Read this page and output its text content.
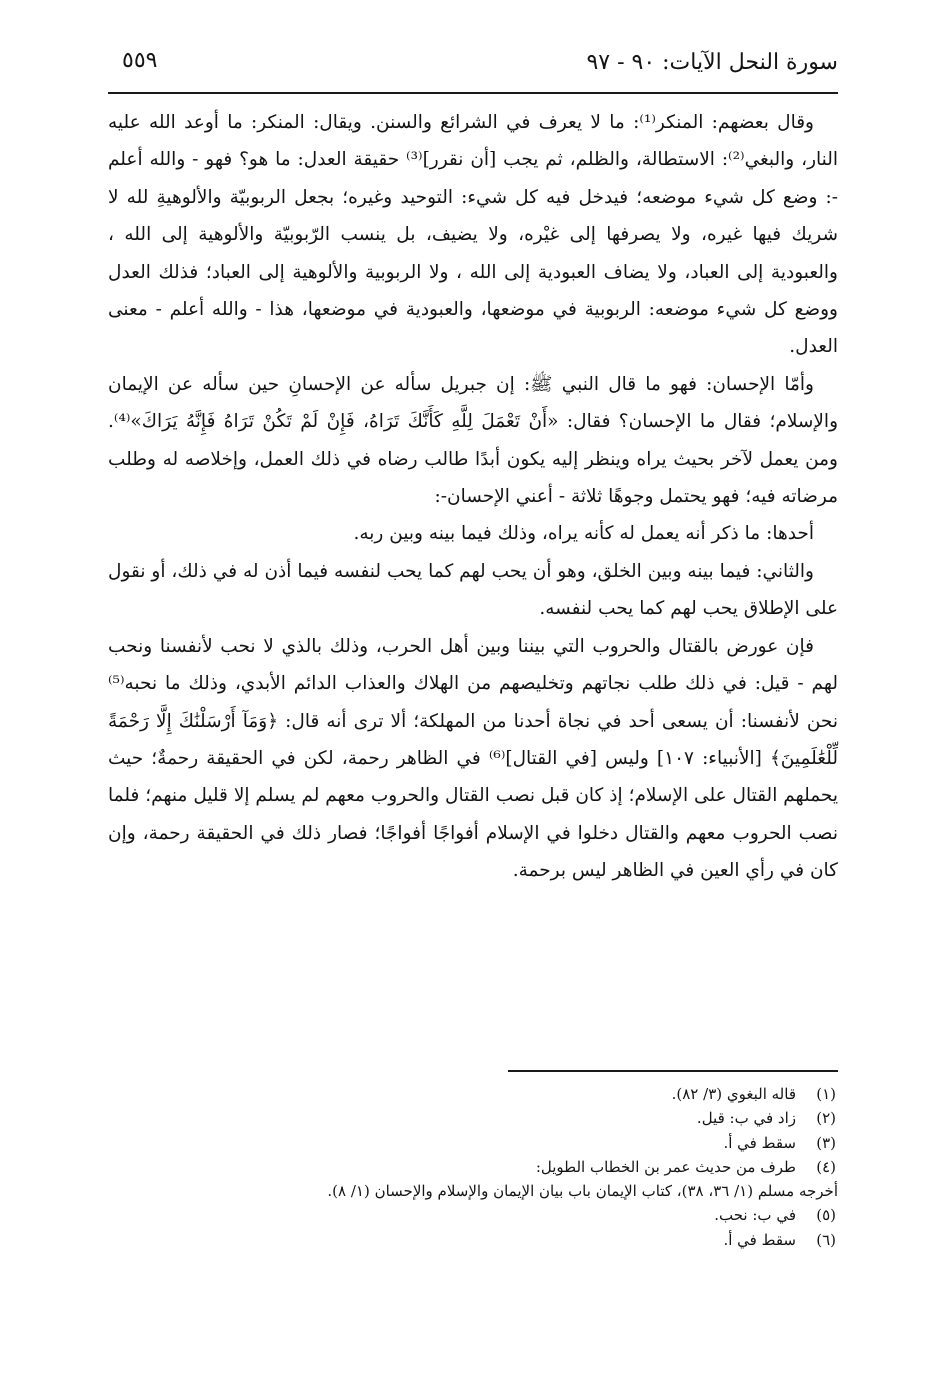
سورة النحل الآيات: ٩٠ - ٩٧
٥٥٩

وقال بعضهم: المنكر⁽¹⁾: ما لا يعرف في الشرائع والسنن. ويقال: المنكر: ما أوعد الله عليه النار، والبغي⁽²⁾: الاستطالة، والظلم، ثم يجب [أن نقرر]⁽³⁾ حقيقة العدل: ما هو؟ فهو - والله أعلم -: وضع كل شيء موضعه؛ فيدخل فيه كل شيء: التوحيد وغيره؛ بجعل الربوبيّة والألوهيةِ لله لا شريك فيها غيره، ولا يصرفها إلى غيْره، ولا يضيف، بل ينسب الرّبوبيّة والألوهية إلى الله ، والعبودية إلى العباد، ولا يضاف العبودية إلى الله ، ولا الربوبية والألوهية إلى العباد؛ فذلك العدل ووضع كل شيء موضعه: الربوبية في موضعها، والعبودية في موضعها، هذا - والله أعلم - معنى العدل.

وأمّا الإحسان: فهو ما قال النبي ﷺ: إن جبريل سأله عن الإحسانِ حين سأله عن الإيمان والإسلام؛ فقال ما الإحسان؟ فقال: «أَنْ تَعْمَلَ لِلَّهِ كَأَنَّكَ تَرَاهُ، فَإِنْ لَمْ تَكُنْ تَرَاهُ فَإِنَّهُ يَرَاكَ»⁽⁴⁾. ومن يعمل لآخر بحيث يراه وينظر إليه يكون أبدًا طالب رضاه في ذلك العمل، وإخلاصه له وطلب مرضاته فيه؛ فهو يحتمل وجوهًا ثلاثة - أعني الإحسان-:

أحدها: ما ذكر أنه يعمل له كأنه يراه، وذلك فيما بينه وبين ربه.

والثاني: فيما بينه وبين الخلق، وهو أن يحب لهم كما يحب لنفسه فيما أذن له في ذلك، أو نقول على الإطلاق يحب لهم كما يحب لنفسه.

فإن عورض بالقتال والحروب التي بيننا وبين أهل الحرب، وذلك بالذي لا نحب لأنفسنا ونحب لهم - قيل: في ذلك طلب نجاتهم وتخليصهم من الهلاك والعذاب الدائم الأبدي، وذلك ما نحبه⁽⁵⁾ نحن لأنفسنا: أن يسعى أحد في نجاة أحدنا من المهلكة؛ ألا ترى أنه قال: ﴿وَمَآ أَرْسَلْنَٰكَ إِلَّا رَحْمَةً لِّلْعَٰلَمِينَ﴾ [الأنبياء: ١٠٧] وليس [في القتال]⁽⁶⁾ في الظاهر رحمة، لكن في الحقيقة رحمةٌ؛ حيث يحملهم القتال على الإسلام؛ إذ كان قبل نصب القتال والحروب معهم لم يسلم إلا قليل منهم؛ فلما نصب الحروب معهم والقتال دخلوا في الإسلام أفواجًا أفواجًا؛ فصار ذلك في الحقيقة رحمة، وإن كان في رأي العين في الظاهر ليس برحمة.

(١)
قاله البغوي (٣/ ٨٢).
(٢)
زاد في ب: قيل.
(٣)
سقط في أ.
(٤)
طرف من حديث عمر بن الخطاب الطويل:
أخرجه مسلم (١/ ٣٦، ٣٨)، كتاب الإيمان باب بيان الإيمان والإسلام والإحسان (١/ ٨).
(٥)
في ب: نحب.
(٦)
سقط في أ.
